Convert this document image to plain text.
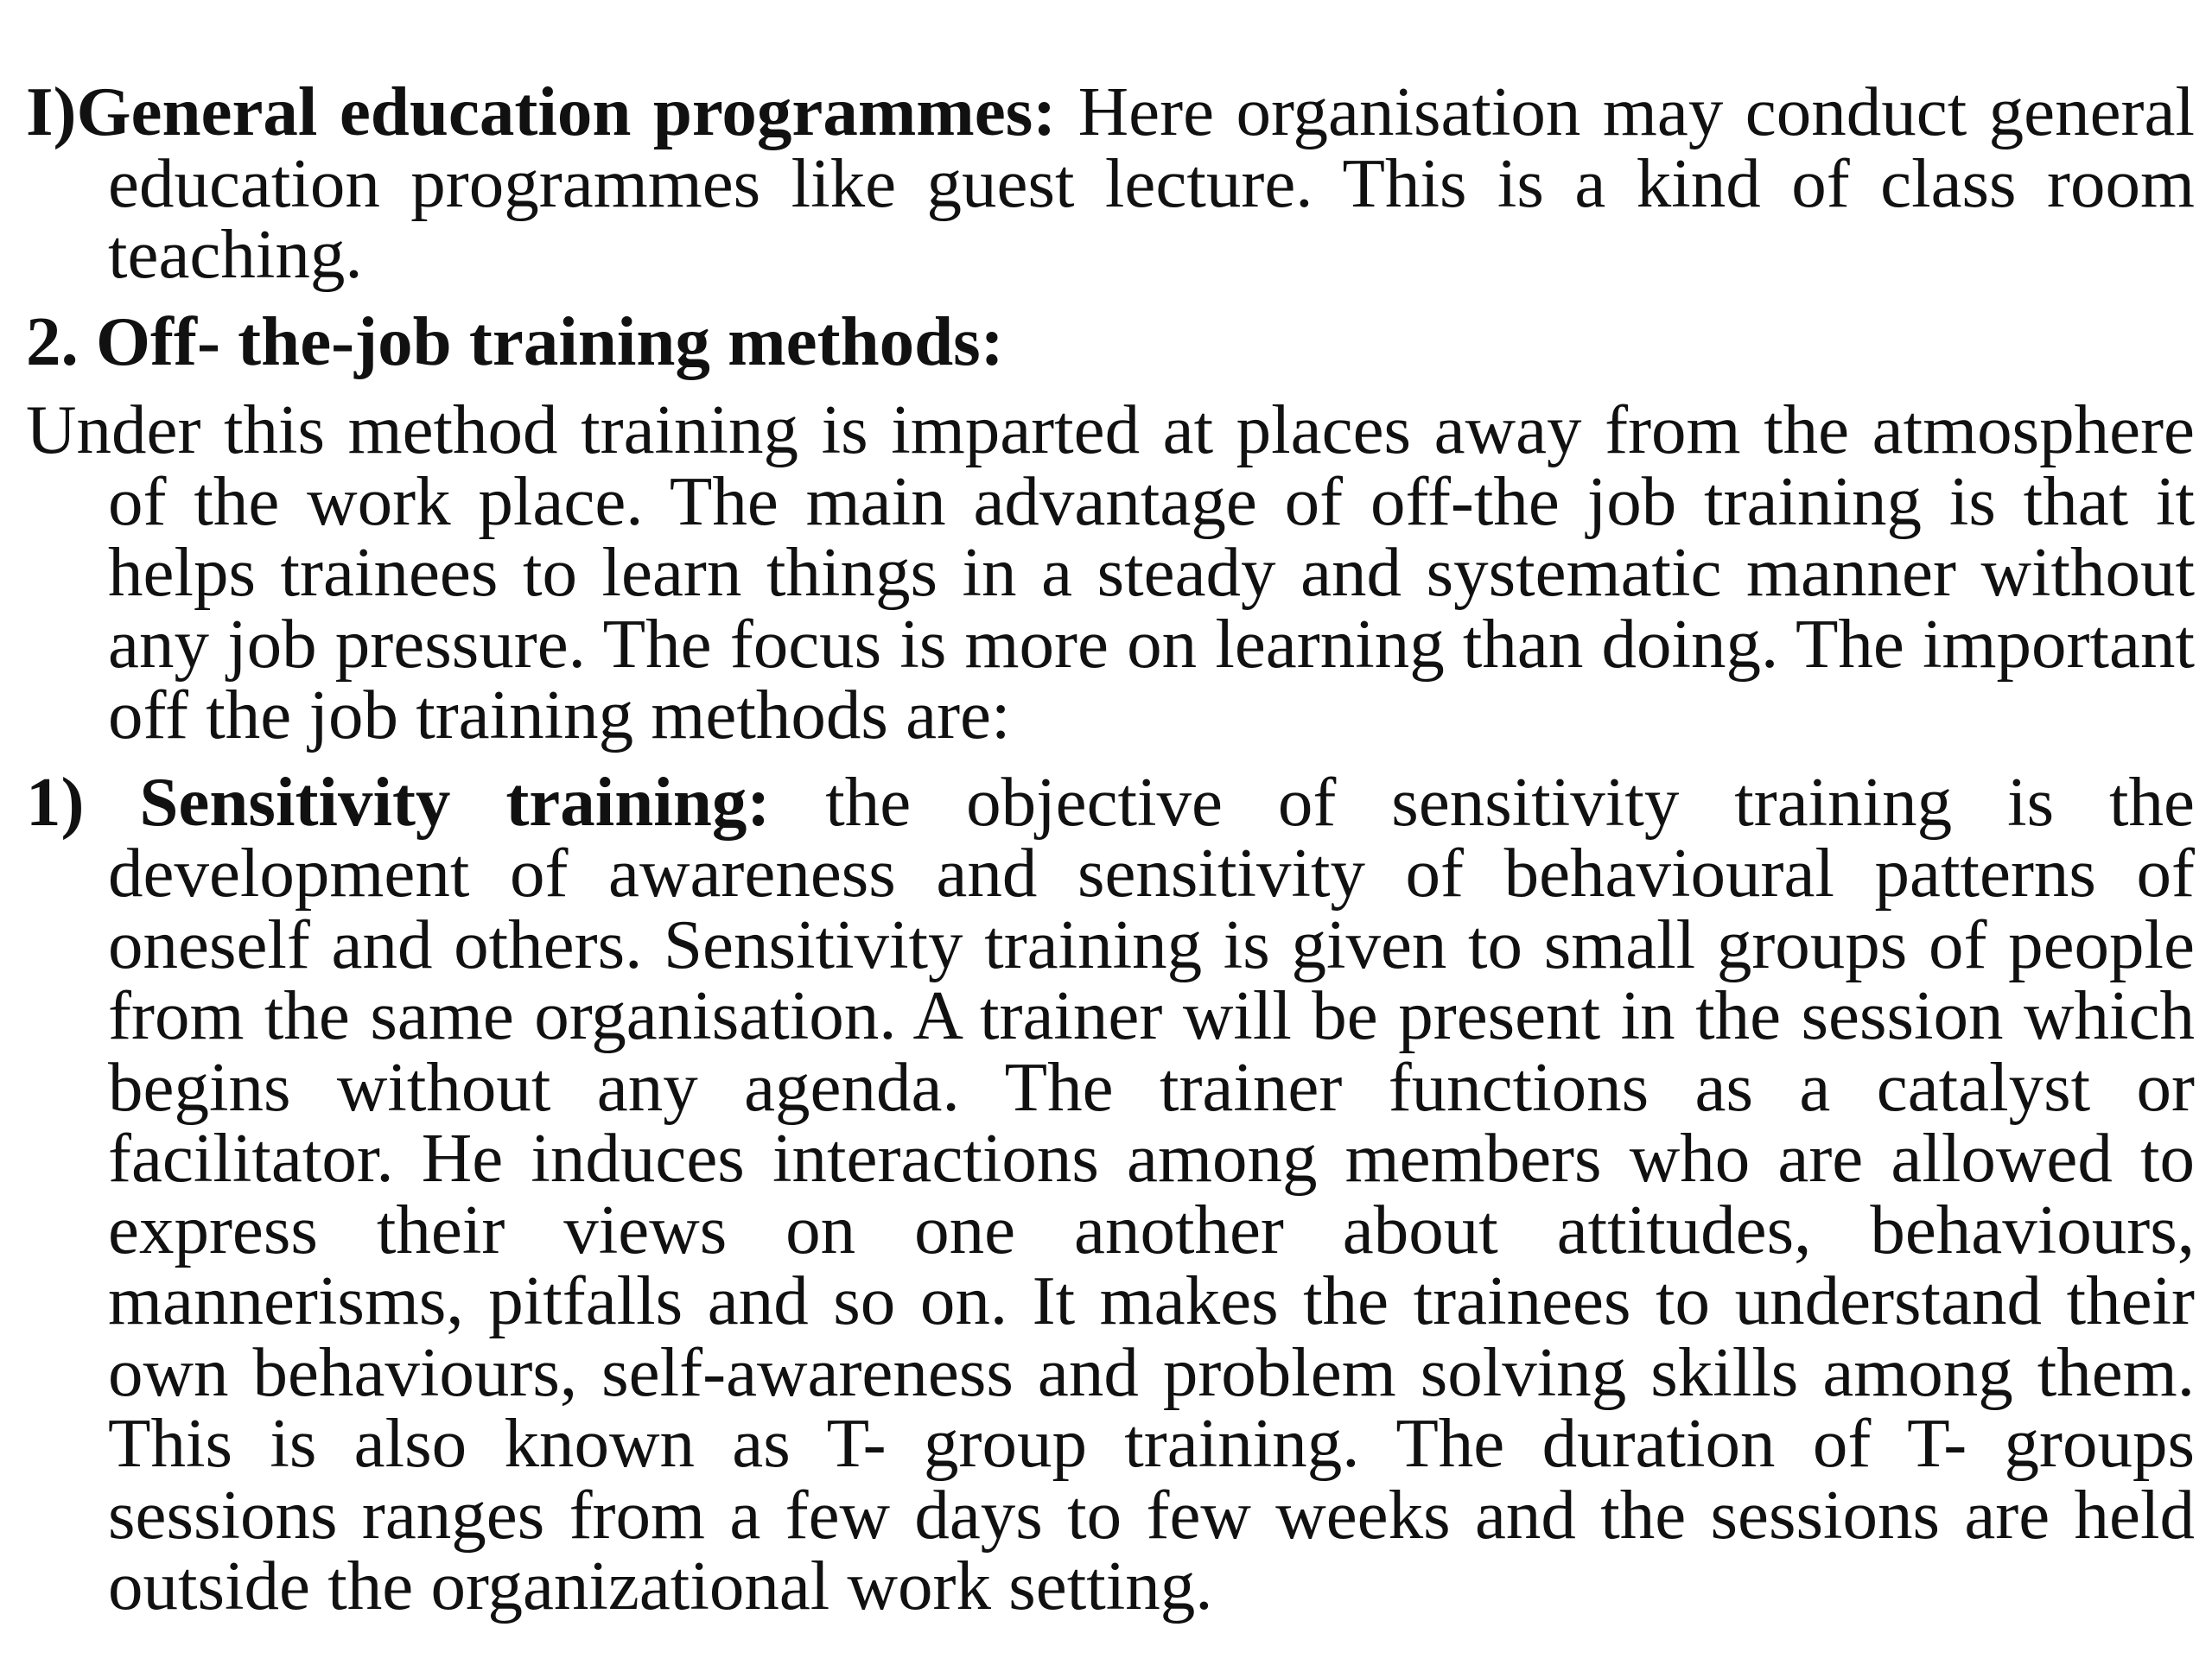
I)General education programmes: Here organisation may conduct general education programmes like guest lecture. This is a kind of class room teaching.

2. Off- the-job training methods:

Under this method training is imparted at places away from the atmosphere of the work place. The main advantage of off-the job training is that it helps trainees to learn things in a steady and systematic manner without any job pressure. The focus is more on learning than doing. The important off the job training methods are:

1) Sensitivity training: the objective of sensitivity training is the development of awareness and sensitivity of behavioural patterns of oneself and others. Sensitivity training is given to small groups of people from the same organisation. A trainer will be present in the session which begins without any agenda. The trainer functions as a catalyst or facilitator. He induces interactions among members who are allowed to express their views on one another about attitudes, behaviours, mannerisms, pitfalls and so on. It makes the trainees to understand their own behaviours, self-awareness and problem solving skills among them. This is also known as T- group training. The duration of T- groups sessions ranges from a few days to few weeks and the sessions are held outside the organizational work setting.
